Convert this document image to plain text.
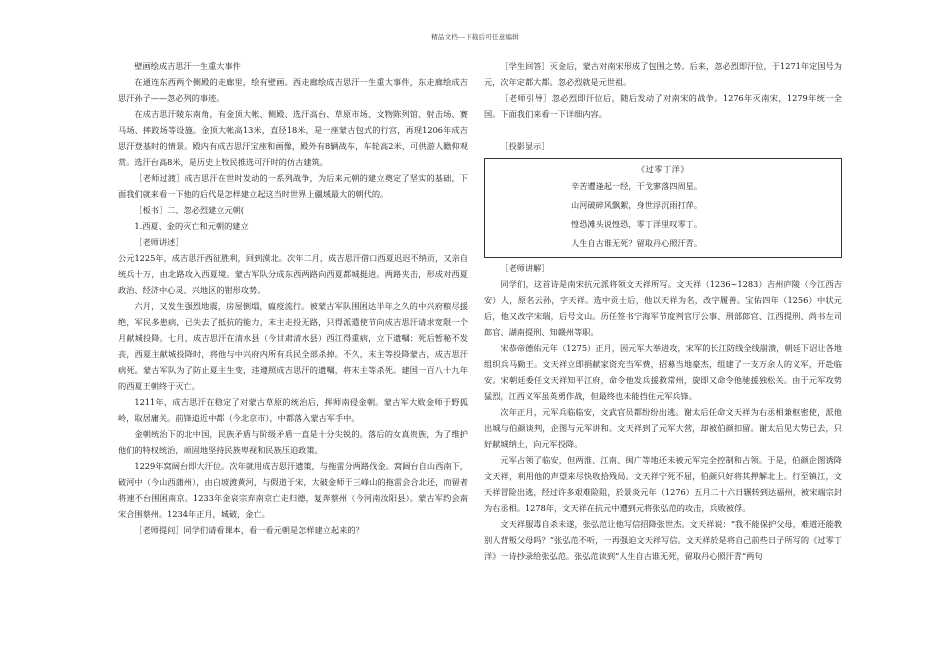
精品文档---下载后可任意编辑

壁画绘成吉思汗一生重大事件

在通连东西两个侧殿的走廊里，绘有壁画。西走廊绘成吉思汗一生重大事件，东走廊绘成吉思汗孙子——忽必列的事迹。

在成吉思汗陵东南角，有金顶大帐、侧殿、选汗高台、草原市场、文物陈列馆、射击场、赛马场、摔跤场等设施。金顶大帐高13米，直径18米，是一座蒙古包式的行宫，再现1206年成吉思汗登基时的情景。殿内有成吉思汗宝座和画像，殿外有8辆战车，车轮高2米，可供游人瞻仰观赏。选汗台高8米，是历史上牧民推选可汗时的仿古建筑。

［老师过渡］成吉思汗在世时发动的一系列战争，为后来元朝的建立奠定了坚实的基础，下面我们就来看一下他的后代是怎样建立起这当时世界上疆域最大的朝代的。

［板书］二、忽必烈建立元朝(

1.西夏、金的灭亡和元朝的建立

［老师讲述］

公元1225年，成吉思汗西征胜利，回到漠北。次年二月，成吉思汗借口西夏迟迟不纳贡，又亲自统兵十万，由北路攻入西夏境。蒙古军队分成东西两路向西夏都城挺进。两路夹击，形成对西夏政治、经济中心灵、兴地区的钳形攻势。

六月，又发生强烈地震，房屋倒塌，瘟疫流行。被蒙古军队围困达半年之久的中兴府粮尽援绝，军民多患病，已失去了抵抗的能力，末主走投无路，只得派遣使节向成吉思汗请求宽限一个月献城投降。七月，成吉思汗在清水县（今甘肃清水县）西江得重病，立下遗嘱：死后暂秘不发丧，西夏主献城投降时，将他与中兴府内所有兵民全部杀掉。不久，末主等投降蒙古，成吉思汗病死。蒙古军队为了防止夏主生变，违遵照成吉思汗的遗嘱，将末主等杀死。建国一百八十九年的西夏王朝终于灭亡。

1211年，成吉思汗在稳定了对蒙古草原的统治后，挥师南侵金朝。蒙古军大败金师于野狐岭，取居庸关。前锋追近中都（今北京市），中都落入蒙古军手中。

金朝统治下的北中国，民族矛盾与阶级矛盾一直是十分尖锐的。落后的女真贵族，为了维护他们的特权统治，顽固地坚持民族卑视和民族压迫政策。

1229年窝阔台即大汗位。次年就用成吉思汗遗策，与拖雷分两路伐金。窝阔台自山西南下，破河中（今山西蒲州），由白坡渡黄河，与假道于宋，大破金师于三峰山的拖雷会合北还，而留者将速不台围困南京。1233年金哀宗弃南京亡走归德，复奔蔡州（今河南汝阳县）。蒙古军约会南宋合围蔡州。1234年正月，城破，金亡。

［老师提问］同学们请看课本，看一看元朝是怎样建立起来的？

［学生回答］灭金后，蒙古对南宋形成了包围之势。后来，忽必烈即汗位，于1271年定国号为元，次年定都大都。忽必烈就是元世祖。

［老师引导］忽必烈即汗位后，随后发动了对南宋的战争。1276年灭南宋，1279年统一全国。下面我们来看一下详细内容。

［投影显示］

《过零丁洋》
辛苦遭逢起一经，干戈寥落四周星。
山河破碎风飘絮，身世浮沉雨打萍。
惶恐滩头说惶恐，零丁洋里叹零丁。
人生自古谁无死？留取丹心照汗青。

［老师讲解］

同学们，这首诗是南宋抗元派将领文天祥所写。文天祥（1236~1283）吉州庐陵（今江西吉安）人，原名云孙，字天祥。选中贡士后，他以天祥为名，改字履善。宝佑四年（1256）中状元后，他又改字宋瑞，后号文山。历任签书宁海军节度判官厅公事、刑部郎官、江西提刑、尚书左司郎官、湖南提刑、知赣州等职。

宋恭帝德佑元年（1275）正月，因元军大举进攻，宋军的长江防线全线崩溃，朝廷下诏让各地组织兵马勤王。文天祥立即捐献家资充当军费，招募当地豪杰，组建了一支万余人的义军，开赴临安。宋朝廷委任文天祥知平江府，命令他发兵援救常州，旋即又命令他驰援独松关。由于元军攻势猛烈，江西义军虽英勇作战，但最终也未能挡住元军兵锋。

次年正月，元军兵临临安，文武官员都纷纷出逃。谢太后任命文天祥为右丞相兼枢密使，派他出城与伯颜谈判，企图与元军讲和。文天祥到了元军大营，却被伯颜扣留。谢太后见大势已去，只好献城纳土，向元军投降。

元军占领了临安，但两淮、江南、闽广等地还未被元军完全控制和占领。于是，伯颜企图诱降文天祥，利用他的声望来尽快收拾残局。文天祥宁死不屈，伯颜只好将其押解北上。行至镇江，文天祥冒险出逃，经过许多艰难险阻，於景炎元年（1276）五月二十六日辗转到达福州，被宋端宗封为右丞相。1278年，文天祥在抗元中遭到元将张弘范的攻击，兵败被俘。

文天祥服毒自杀未遂，张弘范让他写信招降张世杰。文天祥说：“我不能保护父母，难道还能教别人背叛父母吗？”张弘范不听，一再强迫文天祥写信。文天祥於是将自己前些日子所写的《过零丁洋》一诗抄录给张弘范。张弘范读到“人生自古谁无死，留取丹心照汗青”两句
